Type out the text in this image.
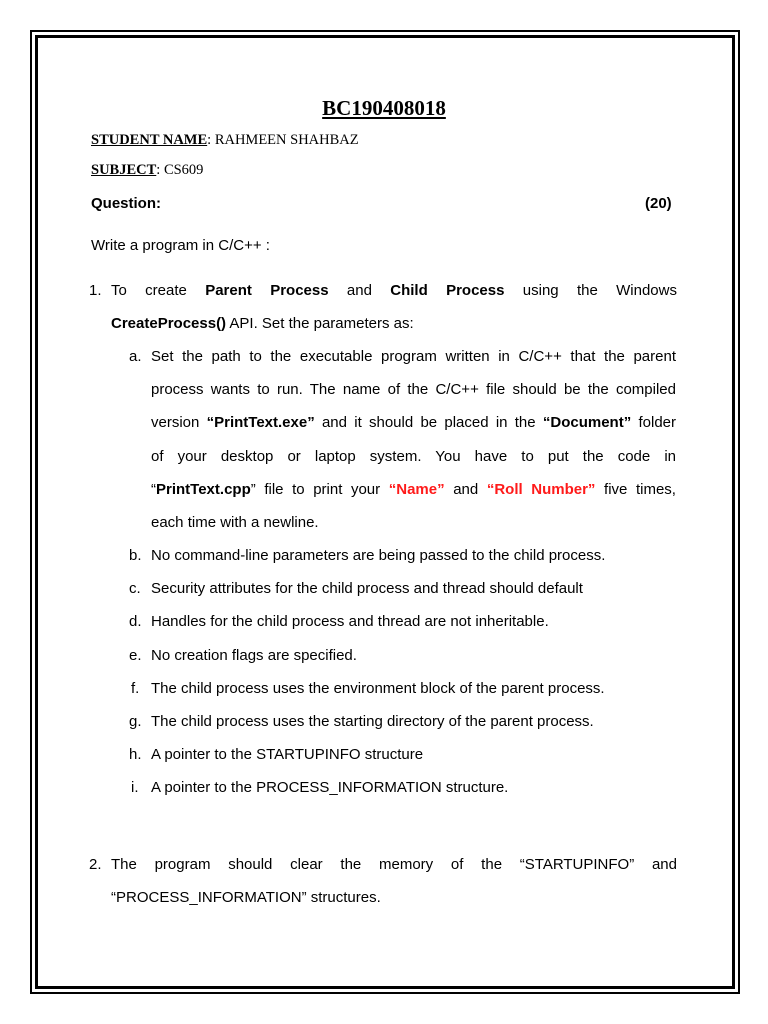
BC190408018
STUDENT NAME: RAHMEEN SHAHBAZ
SUBJECT: CS609
Question:	(20)
Write a program in C/C++ :
1. To create Parent Process and Child Process using the Windows
CreateProcess() API. Set the parameters as:
a. Set the path to the executable program written in C/C++ that the parent
process wants to run. The name of the C/C++ file should be the compiled
version “PrintText.exe” and it should be placed in the “Document” folder
of your desktop or laptop system. You have to put the code in
“PrintText.cpp” file to print your “Name” and “Roll Number” five times,
each time with a newline.
b. No command-line parameters are being passed to the child process.
c. Security attributes for the child process and thread should default
d. Handles for the child process and thread are not inheritable.
e. No creation flags are specified.
f. The child process uses the environment block of the parent process.
g. The child process uses the starting directory of the parent process.
h. A pointer to the STARTUPINFO structure
i. A pointer to the PROCESS_INFORMATION structure.
2. The program should clear the memory of the “STARTUPINFO” and
“PROCESS_INFORMATION” structures.
